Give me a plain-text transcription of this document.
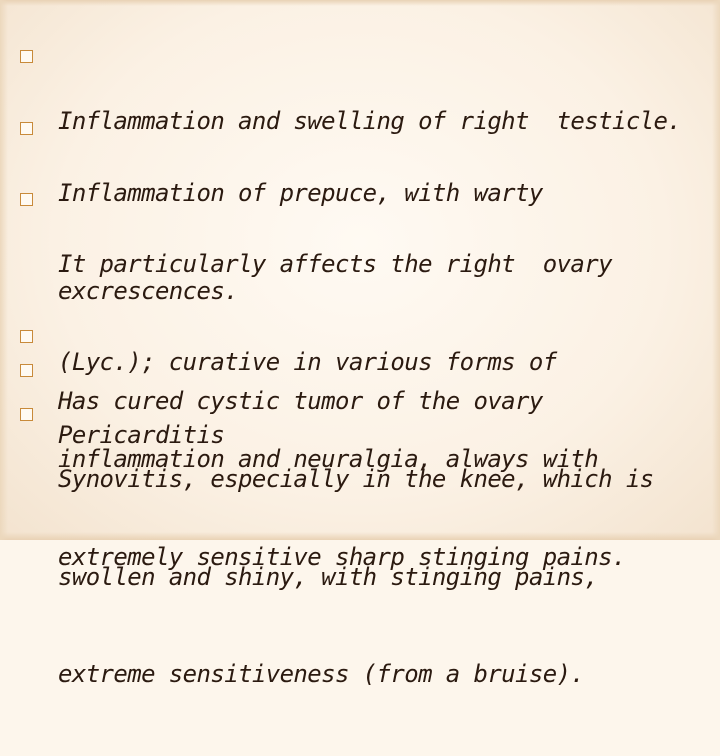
Inflammation and swelling of right  testicle.

Inflammation of prepuce, with warty

excrescences.

It particularly affects the right  ovary

(Lyc.); curative in various forms of

inflammation and neuralgia, always with

extremely sensitive sharp stinging pains.

Has cured cystic tumor of the ovary

Pericarditis

Synovitis, especially in the knee, which is

swollen and shiny, with stinging pains,

extreme sensitiveness (from a bruise).
